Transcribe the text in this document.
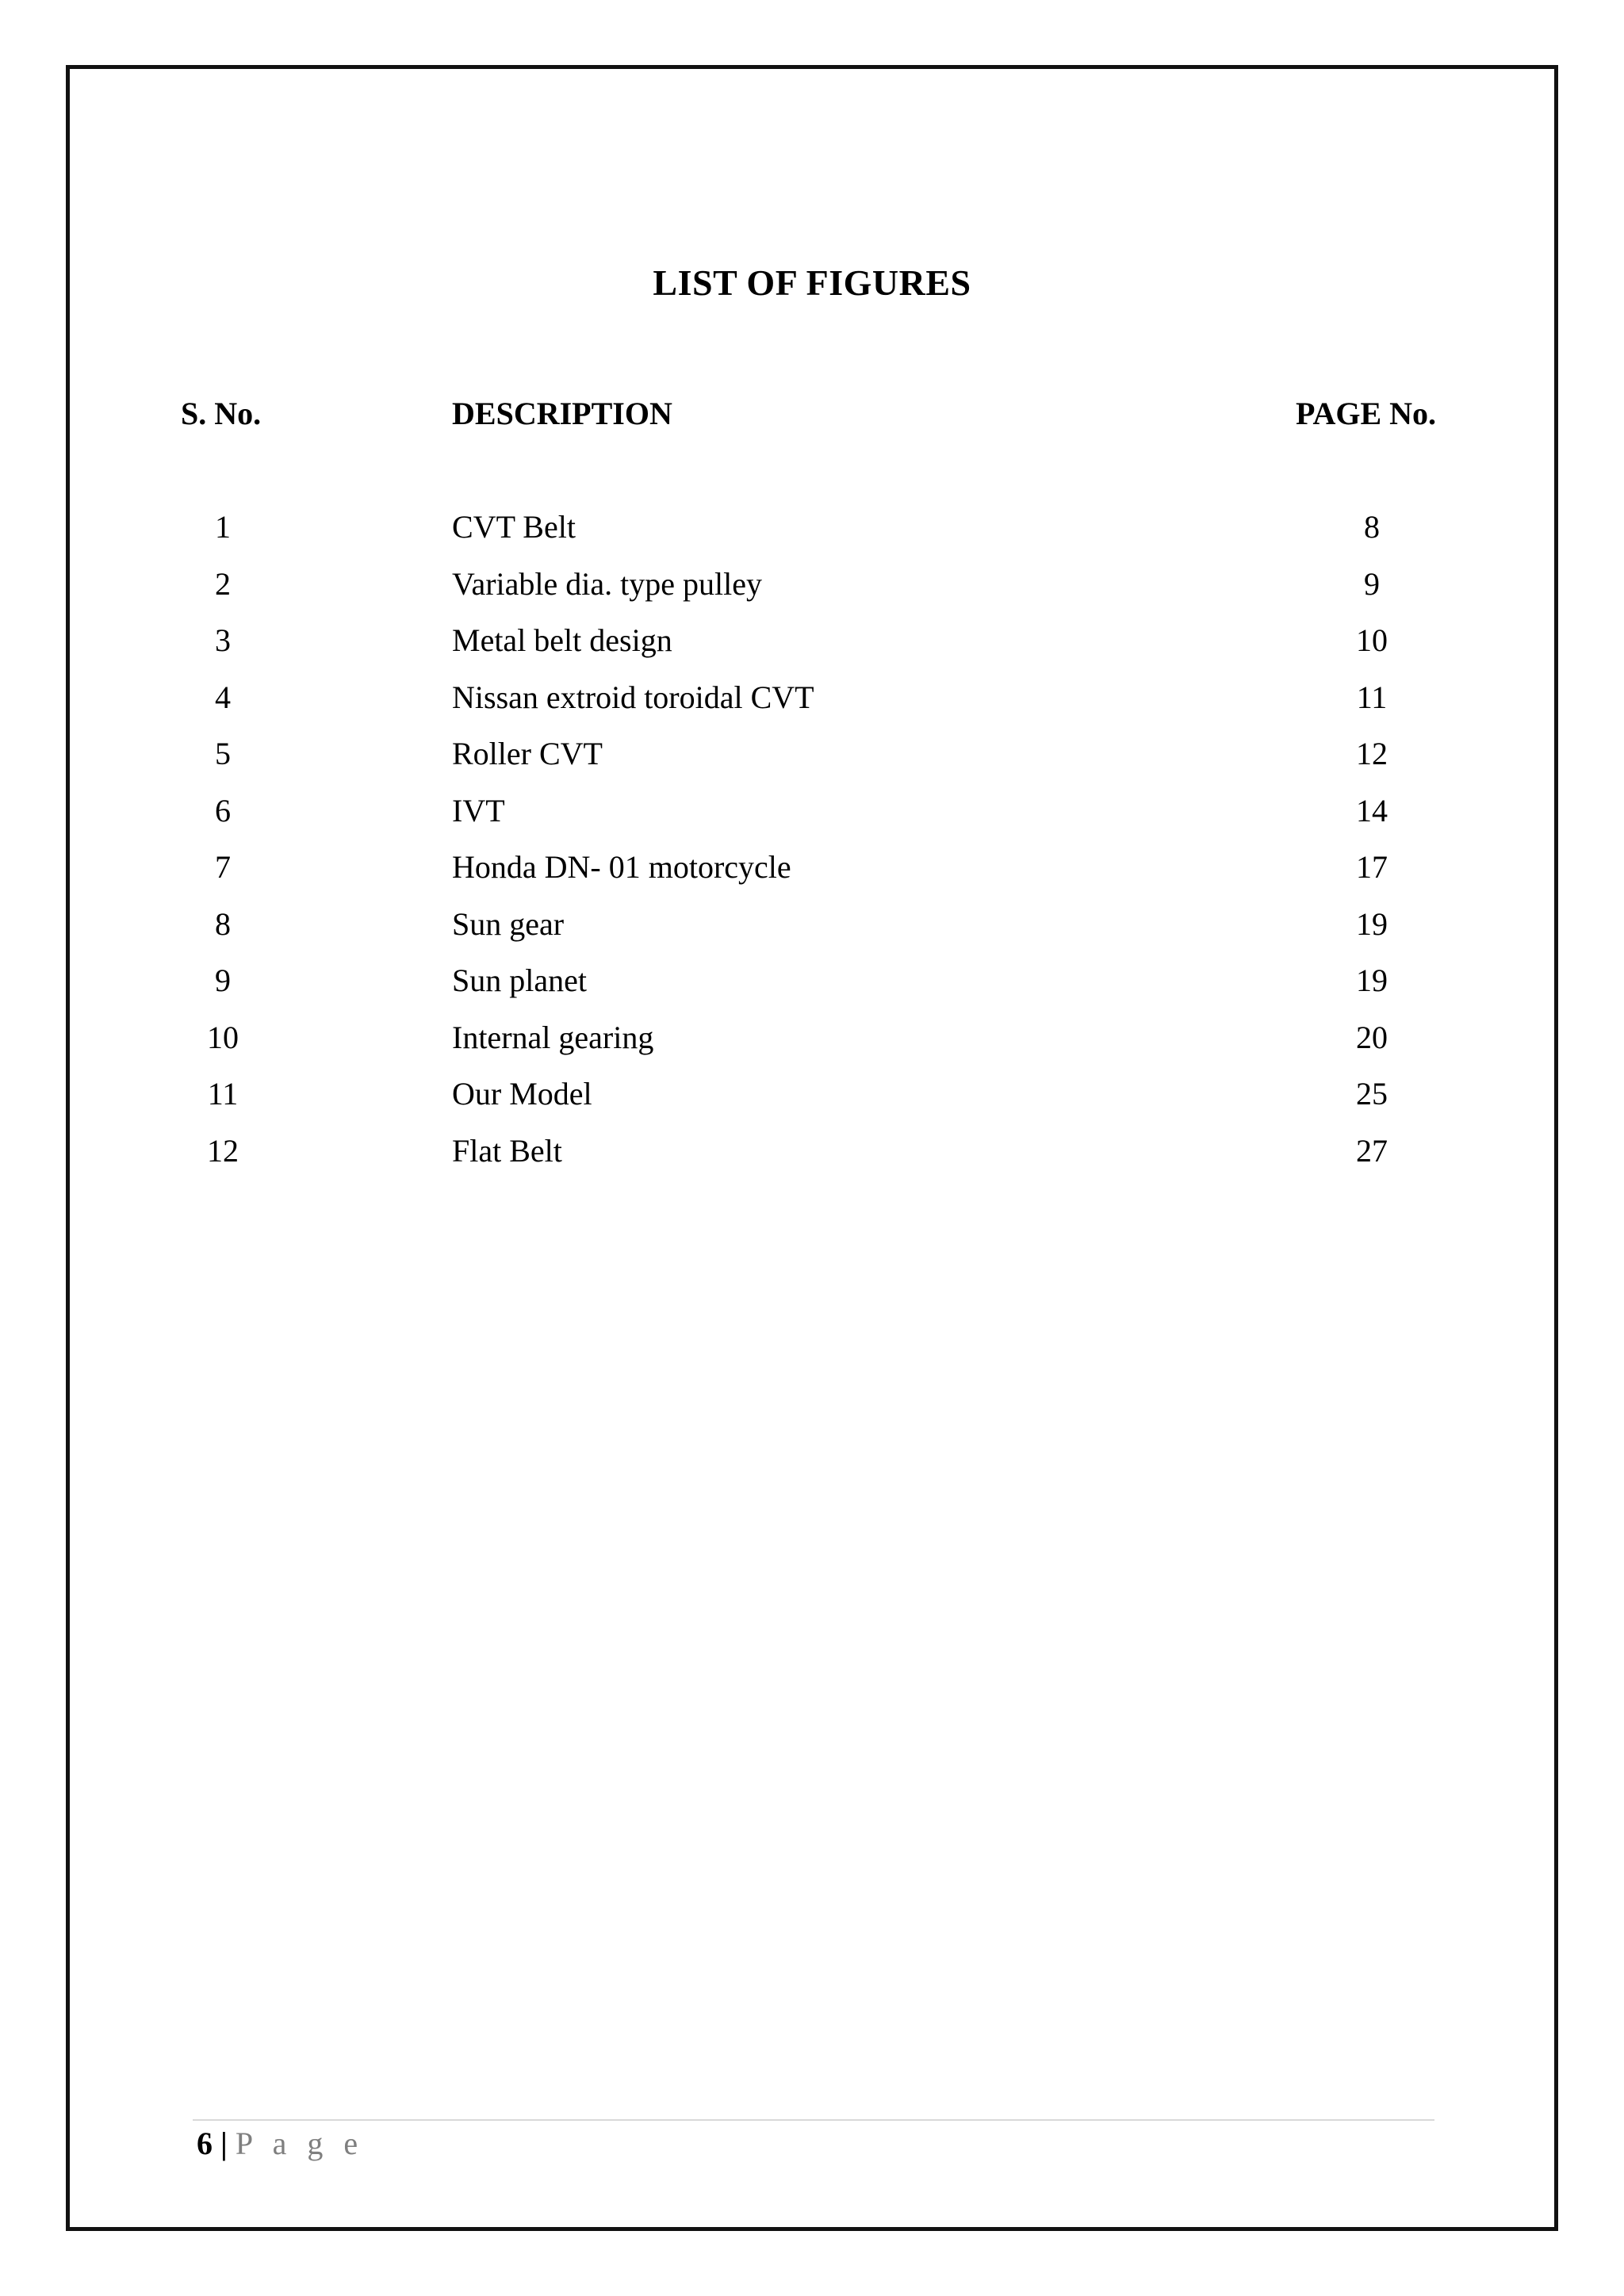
LIST OF FIGURES
S. No.	DESCRIPTION	PAGE No.
1	CVT Belt	8
2	Variable dia. type pulley	9
3	Metal belt design	10
4	Nissan extroid toroidal CVT	11
5	Roller CVT	12
6	IVT	14
7	Honda DN- 01 motorcycle	17
8	Sun gear	19
9	Sun planet	19
10	Internal gearing	20
11	Our Model	25
12	Flat Belt	27
6 | P a g e
